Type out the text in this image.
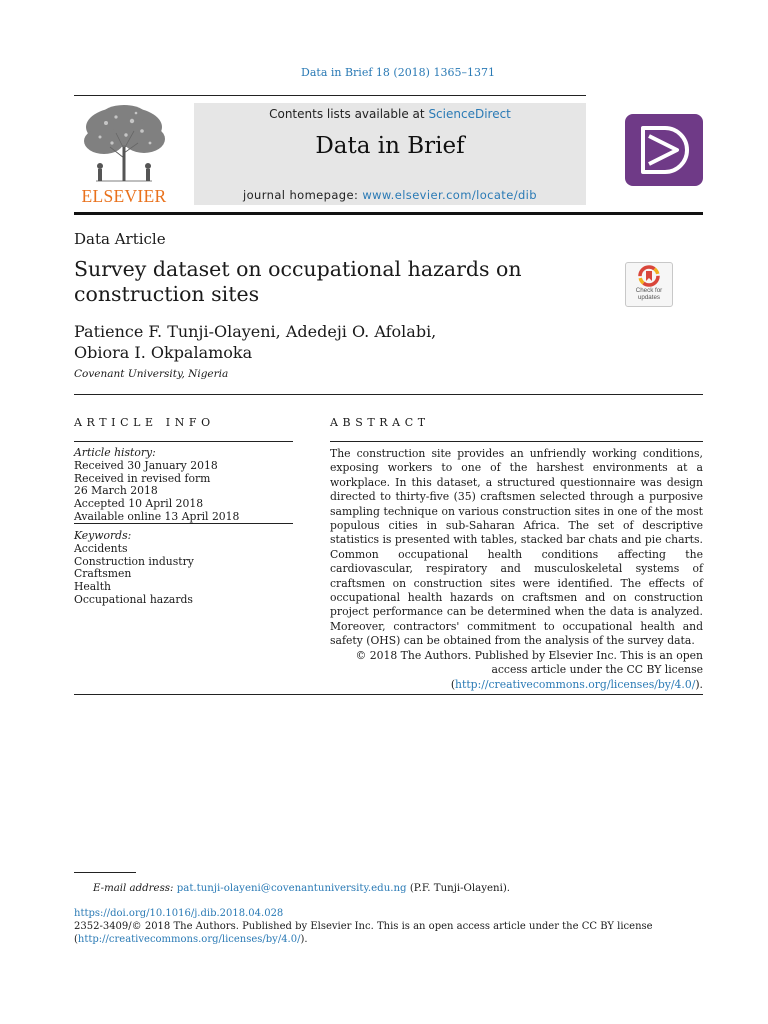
Data in Brief 18 (2018) 1365–1371
ELSEVIER
Contents lists available at ScienceDirect
Data in Brief
journal homepage: www.elsevier.com/locate/dib
Data Article
Survey dataset on occupational hazards on
construction sites	Check for
updates
Patience F. Tunji-Olayeni, Adedeji O. Afolabi,
Obiora I. Okpalamoka
Covenant University, Nigeria
ARTICLE INFO	ABSTRACT
Article history:
Received 30 January 2018
Received in revised form
26 March 2018
Accepted 10 April 2018
Available online 13 April 2018
Keywords:
Accidents
Construction industry
Craftsmen
Health
Occupational hazards

The construction site provides an unfriendly working conditions, exposing workers to one of the harshest environments at a workplace. In this dataset, a structured questionnaire was design directed to thirty-five (35) craftsmen selected through a purposive sampling technique on various construction sites in one of the most populous cities in sub-Saharan Africa. The set of descriptive statistics is presented with tables, stacked bar chats and pie charts. Common occupational health conditions affecting the cardiovascular, respiratory and musculoskeletal systems of craftsmen on construction sites were identified. The effects of occupational health hazards on craftsmen and on construction project performance can be determined when the data is analyzed. Moreover, contractors' commitment to occupational health and safety (OHS) can be obtained from the analysis of the survey data.

© 2018 The Authors. Published by Elsevier Inc. This is an open
access article under the CC BY license
(http://creativecommons.org/licenses/by/4.0/).
E-mail address: pat.tunji-olayeni@covenantuniversity.edu.ng (P.F. Tunji-Olayeni).
https://doi.org/10.1016/j.dib.2018.04.028
2352-3409/© 2018 The Authors. Published by Elsevier Inc. This is an open access article under the CC BY license
(http://creativecommons.org/licenses/by/4.0/).
